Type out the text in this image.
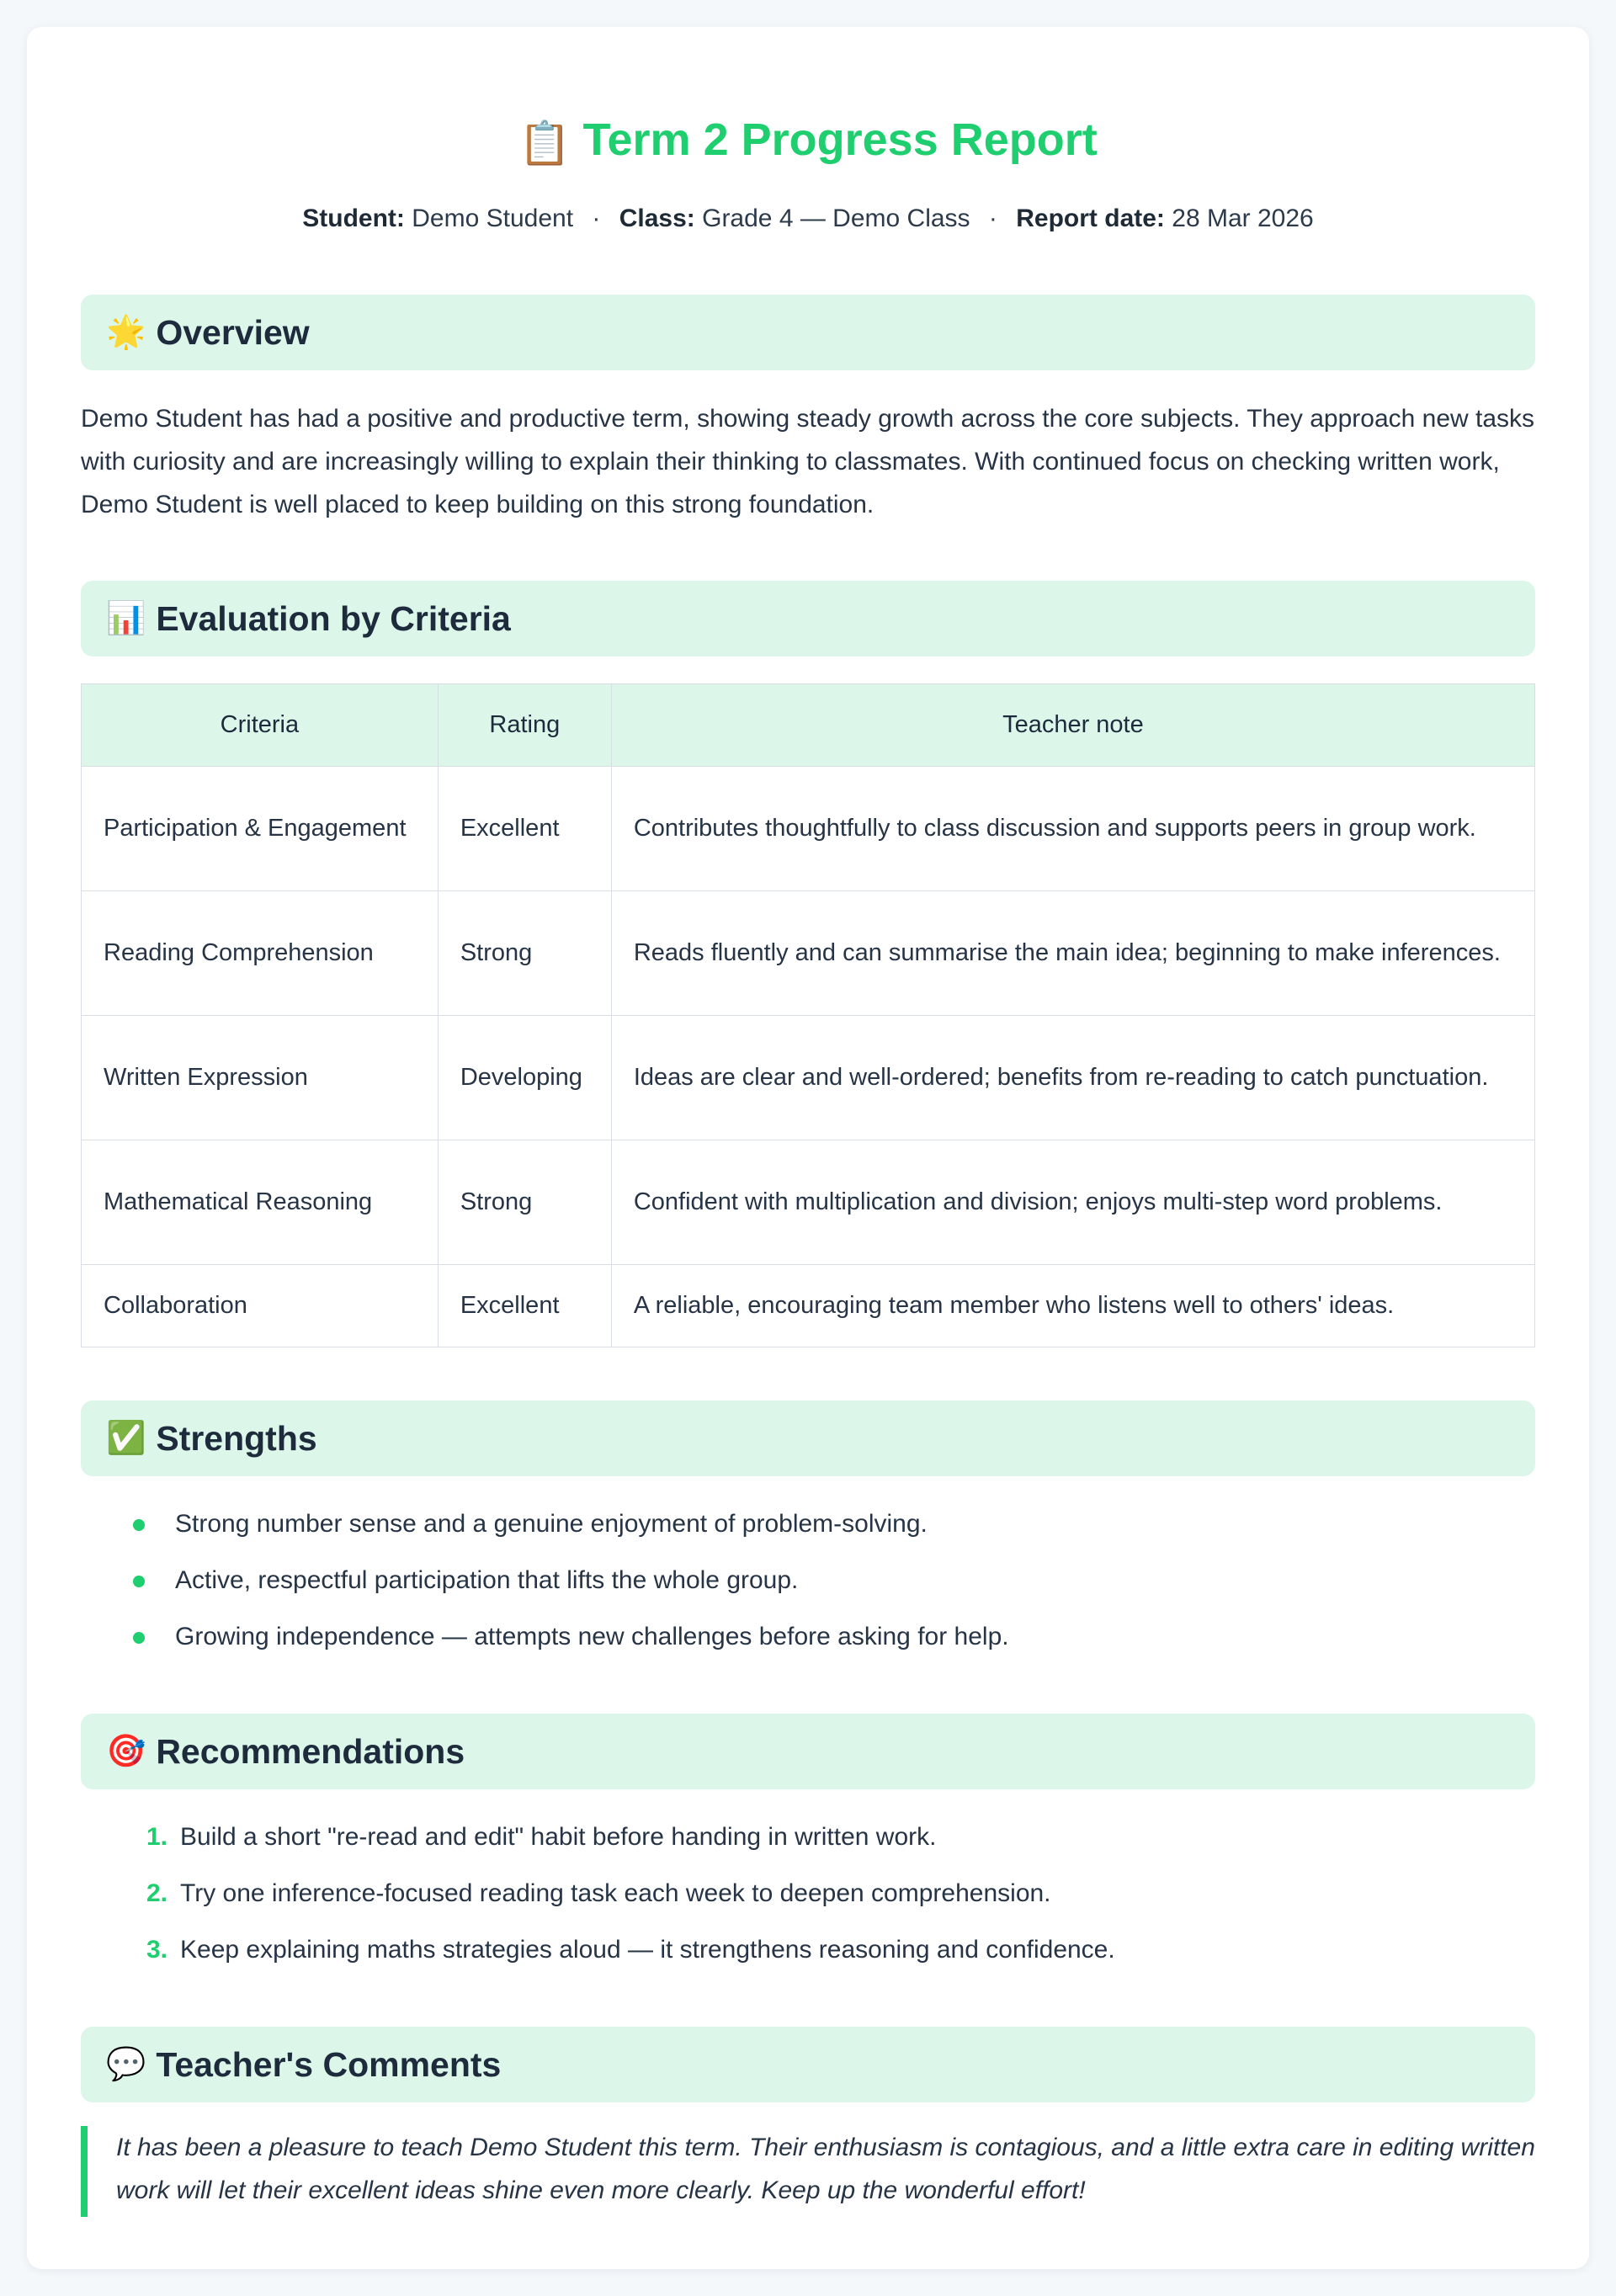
📋 Term 2 Progress Report
Student: Demo Student · Class: Grade 4 — Demo Class · Report date: 28 Mar 2026
🌟 Overview

Demo Student has had a positive and productive term, showing steady growth across the core subjects. They approach new tasks with curiosity and are increasingly willing to explain their thinking to classmates. With continued focus on checking written work, Demo Student is well placed to keep building on this strong foundation.

📊 Evaluation by Criteria
Criteria	Rating	Teacher note
Participation & Engagement	Excellent	Contributes thoughtfully to class discussion and supports peers in group work.
Reading Comprehension	Strong	Reads fluently and can summarise the main idea; beginning to make inferences.
Written Expression	Developing	Ideas are clear and well-ordered; benefits from re-reading to catch punctuation.
Mathematical Reasoning	Strong	Confident with multiplication and division; enjoys multi-step word problems.
Collaboration	Excellent	A reliable, encouraging team member who listens well to others' ideas.
✅ Strengths
Strong number sense and a genuine enjoyment of problem-solving.
Active, respectful participation that lifts the whole group.
Growing independence — attempts new challenges before asking for help.
🎯 Recommendations
1. Build a short "re-read and edit" habit before handing in written work.
2. Try one inference-focused reading task each week to deepen comprehension.
3. Keep explaining maths strategies aloud — it strengthens reasoning and confidence.
💬 Teacher's Comments
It has been a pleasure to teach Demo Student this term. Their enthusiasm is contagious, and a little extra care in editing written work will let their excellent ideas shine even more clearly. Keep up the wonderful effort!
